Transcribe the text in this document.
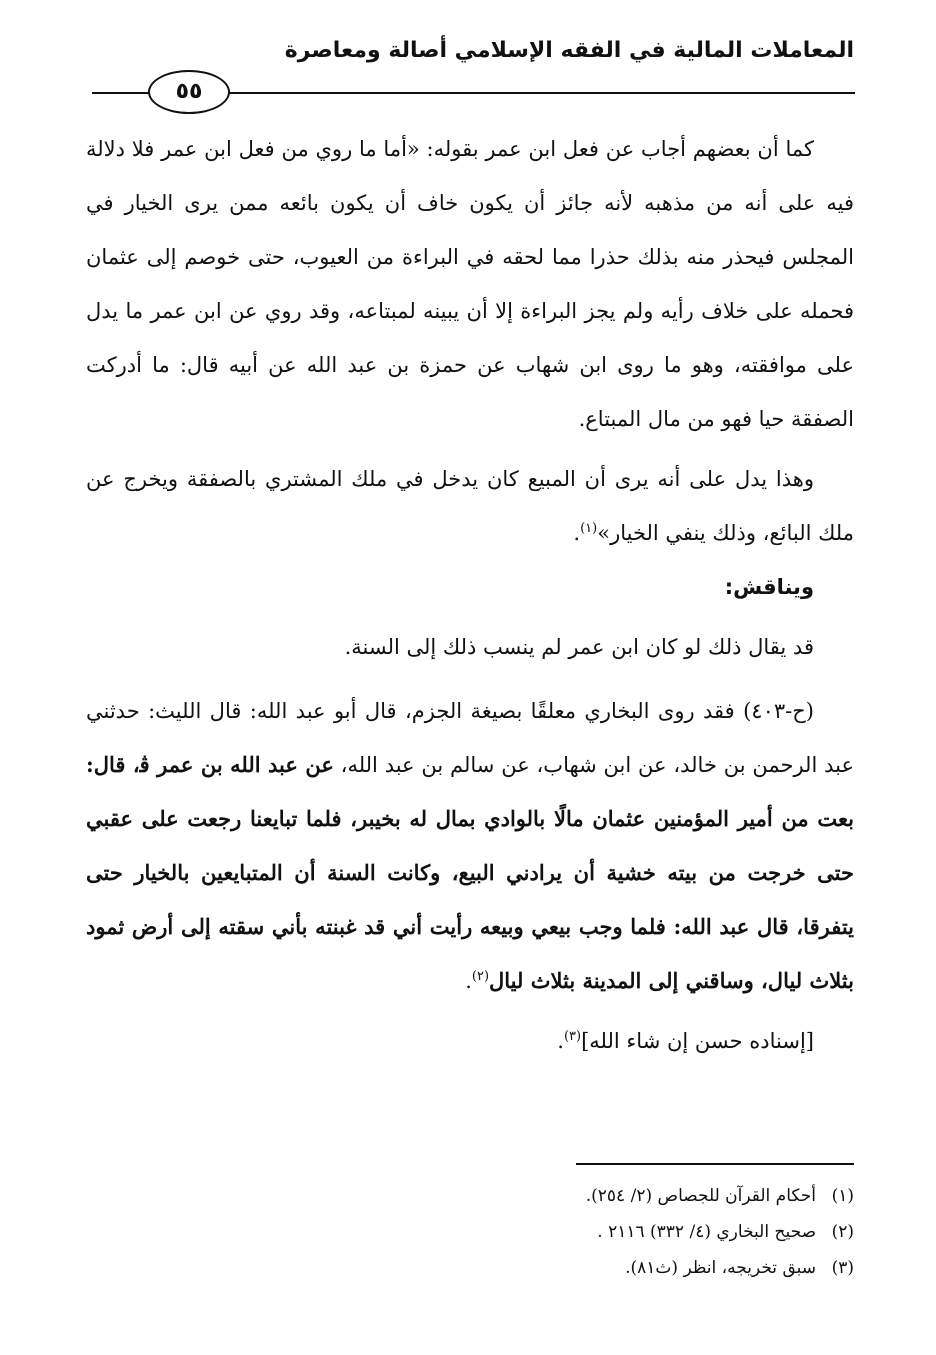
المعاملات المالية في الفقه الإسلامي أصالة ومعاصرة
٥٥

كما أن بعضهم أجاب عن فعل ابن عمر بقوله: «أما ما روي من فعل ابن عمر فلا دلالة فيه على أنه من مذهبه لأنه جائز أن يكون خاف أن يكون بائعه ممن يرى الخيار في المجلس فيحذر منه بذلك حذرا مما لحقه في البراءة من العيوب، حتى خوصم إلى عثمان فحمله على خلاف رأيه ولم يجز البراءة إلا أن يبينه لمبتاعه، وقد روي عن ابن عمر ما يدل على موافقته، وهو ما روى ابن شهاب عن حمزة بن عبد الله عن أبيه قال: ما أدركت الصفقة حيا فهو من مال المبتاع.

وهذا يدل على أنه يرى أن المبيع كان يدخل في ملك المشتري بالصفقة ويخرج عن ملك البائع، وذلك ينفي الخيار»$^{(١)}$.

ويناقش:

قد يقال ذلك لو كان ابن عمر لم ينسب ذلك إلى السنة.

(ح-٤٠٣) فقد روى البخاري معلقًا بصيغة الجزم، قال أبو عبد الله: قال الليث: حدثني عبد الرحمن بن خالد، عن ابن شهاب، عن سالم بن عبد الله، عن عبد الله بن عمر ﭬ، قال: بعت من أمير المؤمنين عثمان مالًا بالوادي بمال له بخيبر، فلما تبايعنا رجعت على عقبي حتى خرجت من بيته خشية أن يرادني البيع، وكانت السنة أن المتبايعين بالخيار حتى يتفرقا، قال عبد الله: فلما وجب بيعي وبيعه رأيت أني قد غبنته بأني سقته إلى أرض ثمود بثلاث ليال، وساقني إلى المدينة بثلاث ليال$^{(٢)}$.

[إسناده حسن إن شاء الله]$^{(٣)}$.

(١)أحكام القرآن للجصاص (٢/ ٢٥٤).
(٢)صحيح البخاري (٤/ ٣٣٢) ٢١١٦ .
(٣)سبق تخريجه، انظر (ث٨١).
